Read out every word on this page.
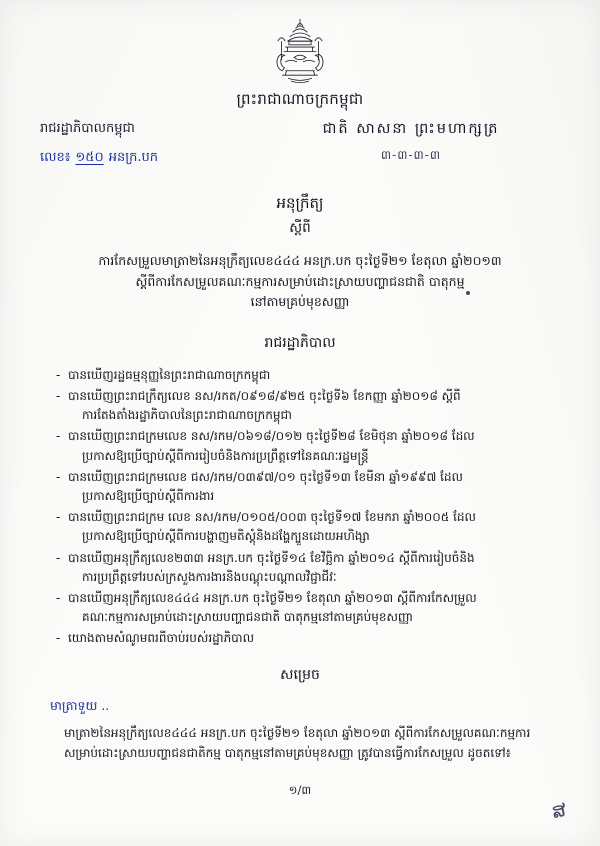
ព្រះរាជាណាចក្រកម្ពុជា
រាជរដ្ឋាភិបាលកម្ពុជា
លេខ៖ ១៥០ អនក្រ.បក
ជាតិ សាសនា ព្រះមហាក្សត្រ
៣-៣-៣-៣
អនុក្រឹត្យ
ស្ដីពី
ការកែសម្រួលមាត្រា២នៃអនុក្រឹត្យលេខ៤៤៤ អនក្រ.បក ចុះថ្ងៃទី២១ ខែតុលា ឆ្នាំ២០១៣
ស្ដីពីការកែសម្រួលគណៈកម្មការសម្រាប់ដោះស្រាយបញ្ហាជនជាតិ បាតុកម្ម
នៅតាមគ្រប់មុខសញ្ញា
រាជរដ្ឋាភិបាល
- បានឃើញរដ្ឋធម្មនុញ្ញនៃព្រះរាជាណាចក្រកម្ពុជា
- បានឃើញព្រះរាជក្រឹត្យលេខ នស/រកត/០៩១៨/៩២៥ ចុះថ្ងៃទី៦ ខែកញ្ញា ឆ្នាំ២០១៨ ស្ដីពី
ការតែងតាំងរដ្ឋាភិបាលនៃព្រះរាជាណាចក្រកម្ពុជា
- បានឃើញព្រះរាជក្រមលេខ នស/រកម/០៦១៨/០១២ ចុះថ្ងៃទី២៨ ខែមិថុនា ឆ្នាំ២០១៨ ដែល
ប្រកាសឱ្យប្រើច្បាប់ស្ដីពីការរៀបចំនិងការប្រព្រឹត្តទៅនៃគណៈរដ្ឋមន្ត្រី
- បានឃើញព្រះរាជក្រមលេខ ជស/រកម/០៣៩៧/០១ ចុះថ្ងៃទី១៣ ខែមីនា ឆ្នាំ១៩៩៧ ដែល
ប្រកាសឱ្យប្រើច្បាប់ស្ដីពីការងារ
- បានឃើញព្រះរាជក្រម លេខ នស/រកម/០១០៥/០០៣ ចុះថ្ងៃទី១៧ ខែមករា ឆ្នាំ២០០៥ ដែល
ប្រកាសឱ្យប្រើច្បាប់ស្ដីពីការបង្ហាញមតិស្ដុំនិងដង្ហែក្បួនដោយអហិង្សា
- បានឃើញអនុក្រឹត្យលេខ២៣៣ អនក្រ.បក ចុះថ្ងៃទី១៤ ខែវិច្ឆិកា ឆ្នាំ២០១៤ ស្ដីពីការរៀបចំនិង
ការប្រព្រឹត្តទៅរបស់ក្រសួងការងារនិងបណ្ដុះបណ្ដាលវិជ្ជាជីវៈ
- បានឃើញអនុក្រឹត្យលេខ៤៤៤ អនក្រ.បក ចុះថ្ងៃទី២១ ខែតុលា ឆ្នាំ២០១៣ ស្ដីពីការកែសម្រួល
គណៈកម្មការសម្រាប់ដោះស្រាយបញ្ហាជនជាតិ បាតុកម្មនៅតាមគ្រប់មុខសញ្ញា
- យោងតាមសំណូមពរពីចាប់របស់រដ្ឋាភិបាល
សម្រេច
មាត្រាទួយ ..
មាត្រា២នៃអនុក្រឹត្យលេខ៤៤៤ អនក្រ.បក ចុះថ្ងៃទី២១ ខែតុលា ឆ្នាំ២០១៣ ស្ដីពីការកែសម្រួលគណៈកម្មការ
សម្រាប់ដោះស្រាយបញ្ហាជនជាតិកម្ម បាតុកម្មនៅតាមគ្រប់មុខសញ្ញា ត្រូវបានធ្វើការកែសម្រួល ដូចតទៅ៖
១/៣
ສ
